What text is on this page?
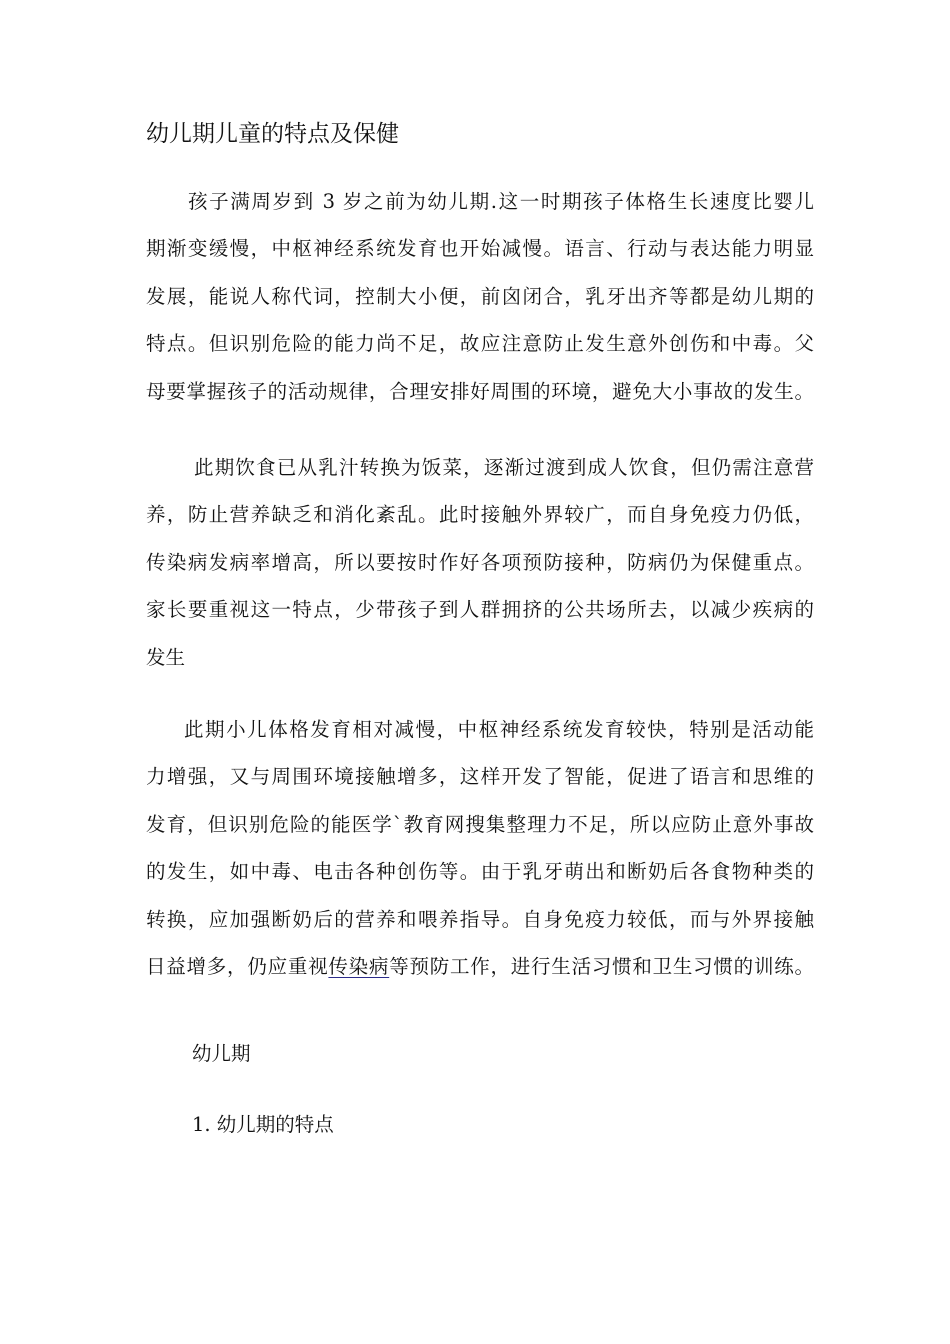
幼儿期儿童的特点及保健
孩子满周岁到 3 岁之前为幼儿期.这一时期孩子体格生长速度比婴儿
期渐变缓慢，中枢神经系统发育也开始减慢。语言、行动与表达能力明显
发展，能说人称代词，控制大小便，前囟闭合，乳牙出齐等都是幼儿期的
特点。但识别危险的能力尚不足，故应注意防止发生意外创伤和中毒。父
母要掌握孩子的活动规律，合理安排好周围的环境，避免大小事故的发生。
此期饮食已从乳汁转换为饭菜，逐渐过渡到成人饮食，但仍需注意营
养，防止营养缺乏和消化紊乱。此时接触外界较广，而自身免疫力仍低，
传染病发病率增高，所以要按时作好各项预防接种，防病仍为保健重点。
家长要重视这一特点，少带孩子到人群拥挤的公共场所去，以减少疾病的
发生
此期小儿体格发育相对减慢，中枢神经系统发育较快，特别是活动能
力增强，又与周围环境接触增多，这样开发了智能，促进了语言和思维的
发育，但识别危险的能医学`教育网搜集整理力不足，所以应防止意外事故
的发生，如中毒、电击各种创伤等。由于乳牙萌出和断奶后各食物种类的
转换，应加强断奶后的营养和喂养指导。自身免疫力较低，而与外界接触
日益增多，仍应重视传染病等预防工作，进行生活习惯和卫生习惯的训练。
幼儿期
1. 幼儿期的特点
